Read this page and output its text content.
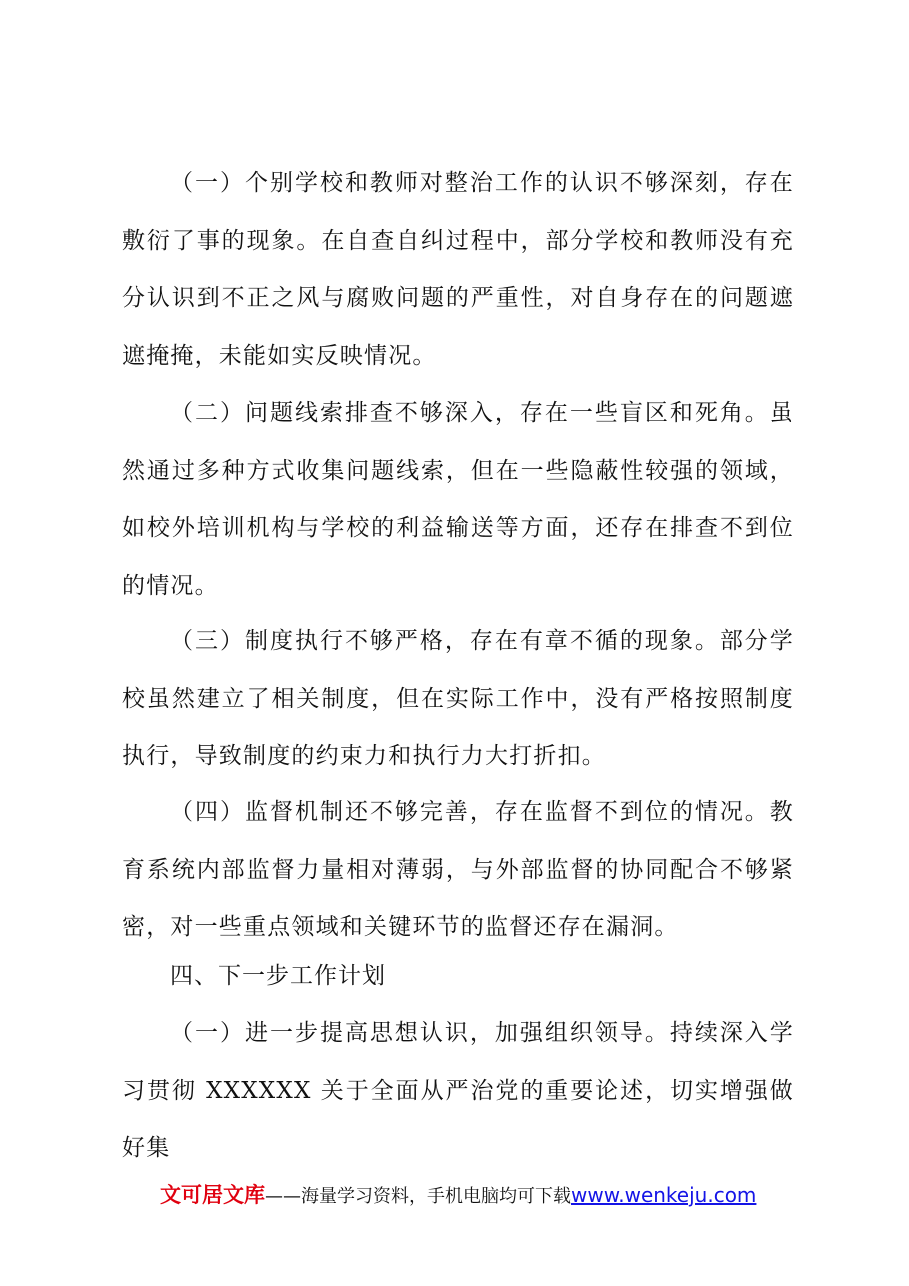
（一）个别学校和教师对整治工作的认识不够深刻，存在敷衍了事的现象。在自查自纠过程中，部分学校和教师没有充分认识到不正之风与腐败问题的严重性，对自身存在的问题遮遮掩掩，未能如实反映情况。

（二）问题线索排查不够深入，存在一些盲区和死角。虽然通过多种方式收集问题线索，但在一些隐蔽性较强的领域，如校外培训机构与学校的利益输送等方面，还存在排查不到位的情况。

（三）制度执行不够严格，存在有章不循的现象。部分学校虽然建立了相关制度，但在实际工作中，没有严格按照制度执行，导致制度的约束力和执行力大打折扣。

（四）监督机制还不够完善，存在监督不到位的情况。教育系统内部监督力量相对薄弱，与外部监督的协同配合不够紧密，对一些重点领域和关键环节的监督还存在漏洞。

四、下一步工作计划

（一）进一步提高思想认识，加强组织领导。持续深入学习贯彻 XXXXXX 关于全面从严治党的重要论述，切实增强做好集

文可居文库——海量学习资料，手机电脑均可下载www.wenkeju.com
